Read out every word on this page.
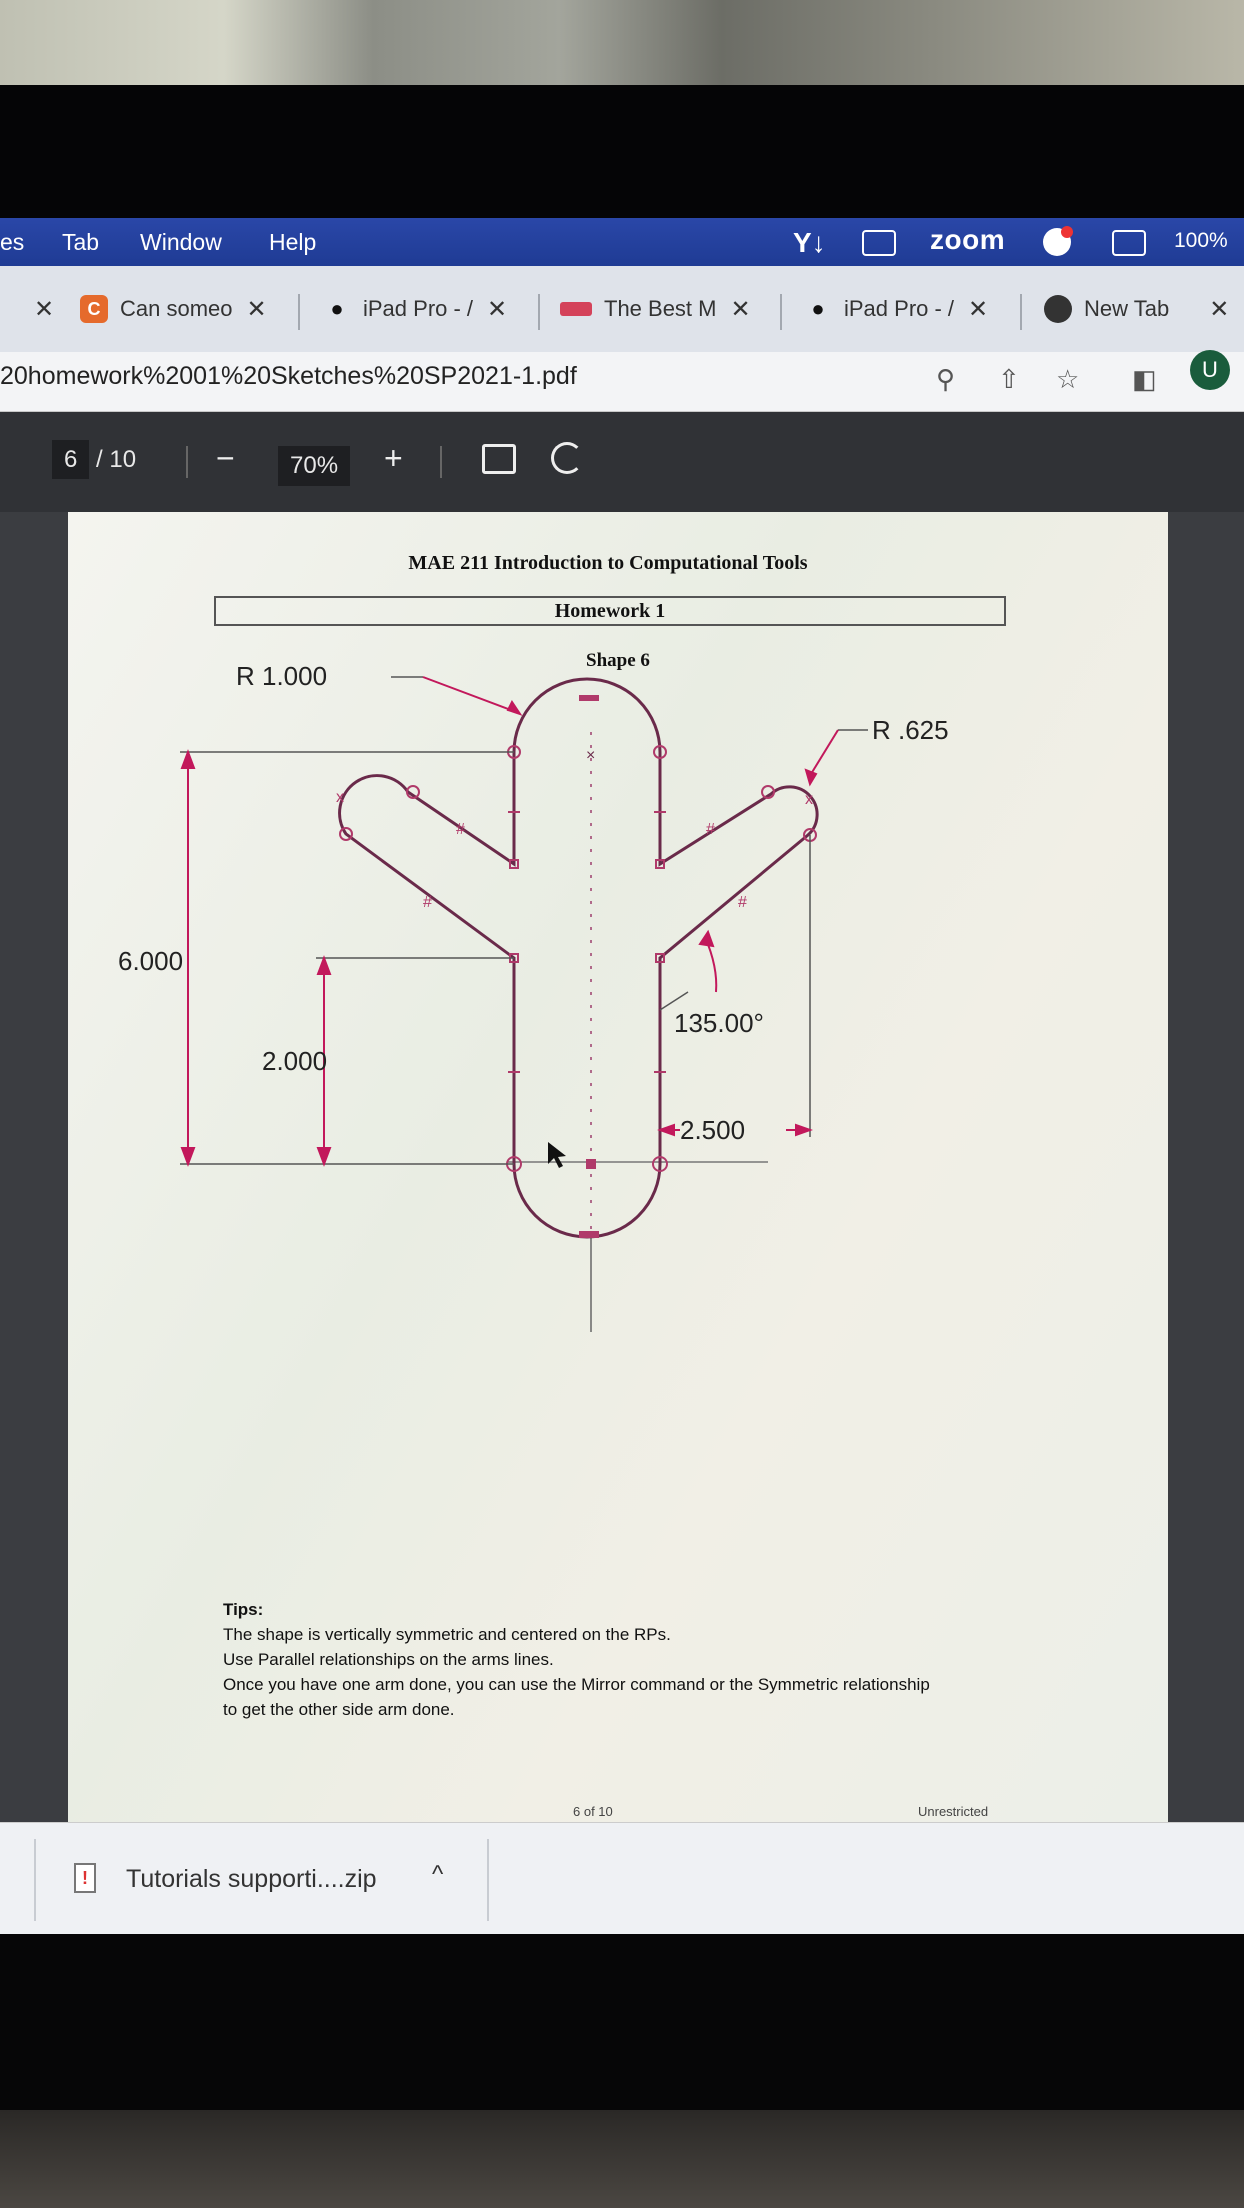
es Tab Window Help	Y↓	zoom	100%
✕	C Can someo ✕	● iPad Pro - / ✕	The Best M ✕	● iPad Pro - / ✕	New Tab ✕
20homework%2001%20Sketches%20SP2021-1.pdf	⚲ ⇧ ☆ ◧	U
6 / 10 −	70%	+
MAE 211 Introduction to Computational Tools
Homework 1
Shape 6
#
#
#
#
x	x
×
R 1.000
R .625
6.000
2.000
135.00°
2.500
Tips:
The shape is vertically symmetric and centered on the RPs.
Use Parallel relationships on the arms lines.
Once you have one arm done, you can use the Mirror command or the Symmetric relationship
to get the other side arm done.
6 of 10	Unrestricted
!	Tutorials supporti....zip ^
